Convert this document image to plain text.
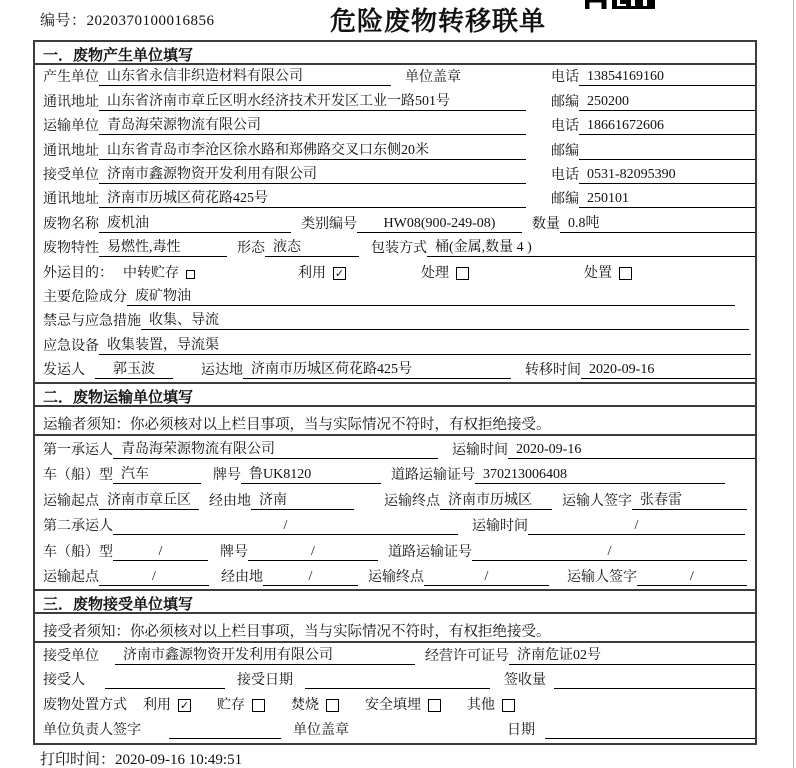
编号：2020370100016856	危险废物转移联单
一．废物产生单位填写
产生单位 山东省永信非织造材料有限公司	单位盖章	电话 13854169160
通讯地址 山东省济南市章丘区明水经济技术开发区工业一路501号	邮编 250200
运输单位 青岛海荣源物流有限公司	电话 18661672606
通讯地址 山东省青岛市李沧区徐水路和郑佛路交叉口东侧20米	邮编
接受单位 济南市鑫源物资开发利用有限公司	电话 0531-82095390
通讯地址 济南市历城区荷花路425号	邮编 250101
废物名称 废机油	类别编号	HW08(900-249-08)	数量 0.8吨
废物特性 易燃性,毒性	形态 液态	包装方式 桶(金属,数量 4 )
外运目的： 中转贮存	利用 ✓	处理	处置
主要危险成分 废矿物油
禁忌与应急措施 收集、导流
应急设备 收集装置，导流渠
发运人	郭玉波	运达地 济南市历城区荷花路425号	转移时间 2020-09-16
二．废物运输单位填写
运输者须知：你必须核对以上栏目事项，当与实际情况不符时，有权拒绝接受。
第一承运人 青岛海荣源物流有限公司	运输时间 2020-09-16
车（船）型 汽车	牌号 鲁UK8120	道路运输证号 370213006408
运输起点 济南市章丘区	经由地 济南	运输终点 济南市历城区	运输人签字 张春雷
第二承运人	/	运输时间	/
车（船）型	/	牌号	/	道路运输证号	/
运输起点	/	经由地	/	运输终点	/	运输人签字	/
三．废物接受单位填写
接受者须知：你必须核对以上栏目事项，当与实际情况不符时，有权拒绝接受。
接受单位	济南市鑫源物资开发利用有限公司	经营许可证号 济南危证02号
接受人	接受日期	签收量
废物处置方式 利用 ✓ 贮存	焚烧	安全填埋	其他
单位负责人签字	单位盖章	日期
打印时间：2020-09-16 10:49:51
